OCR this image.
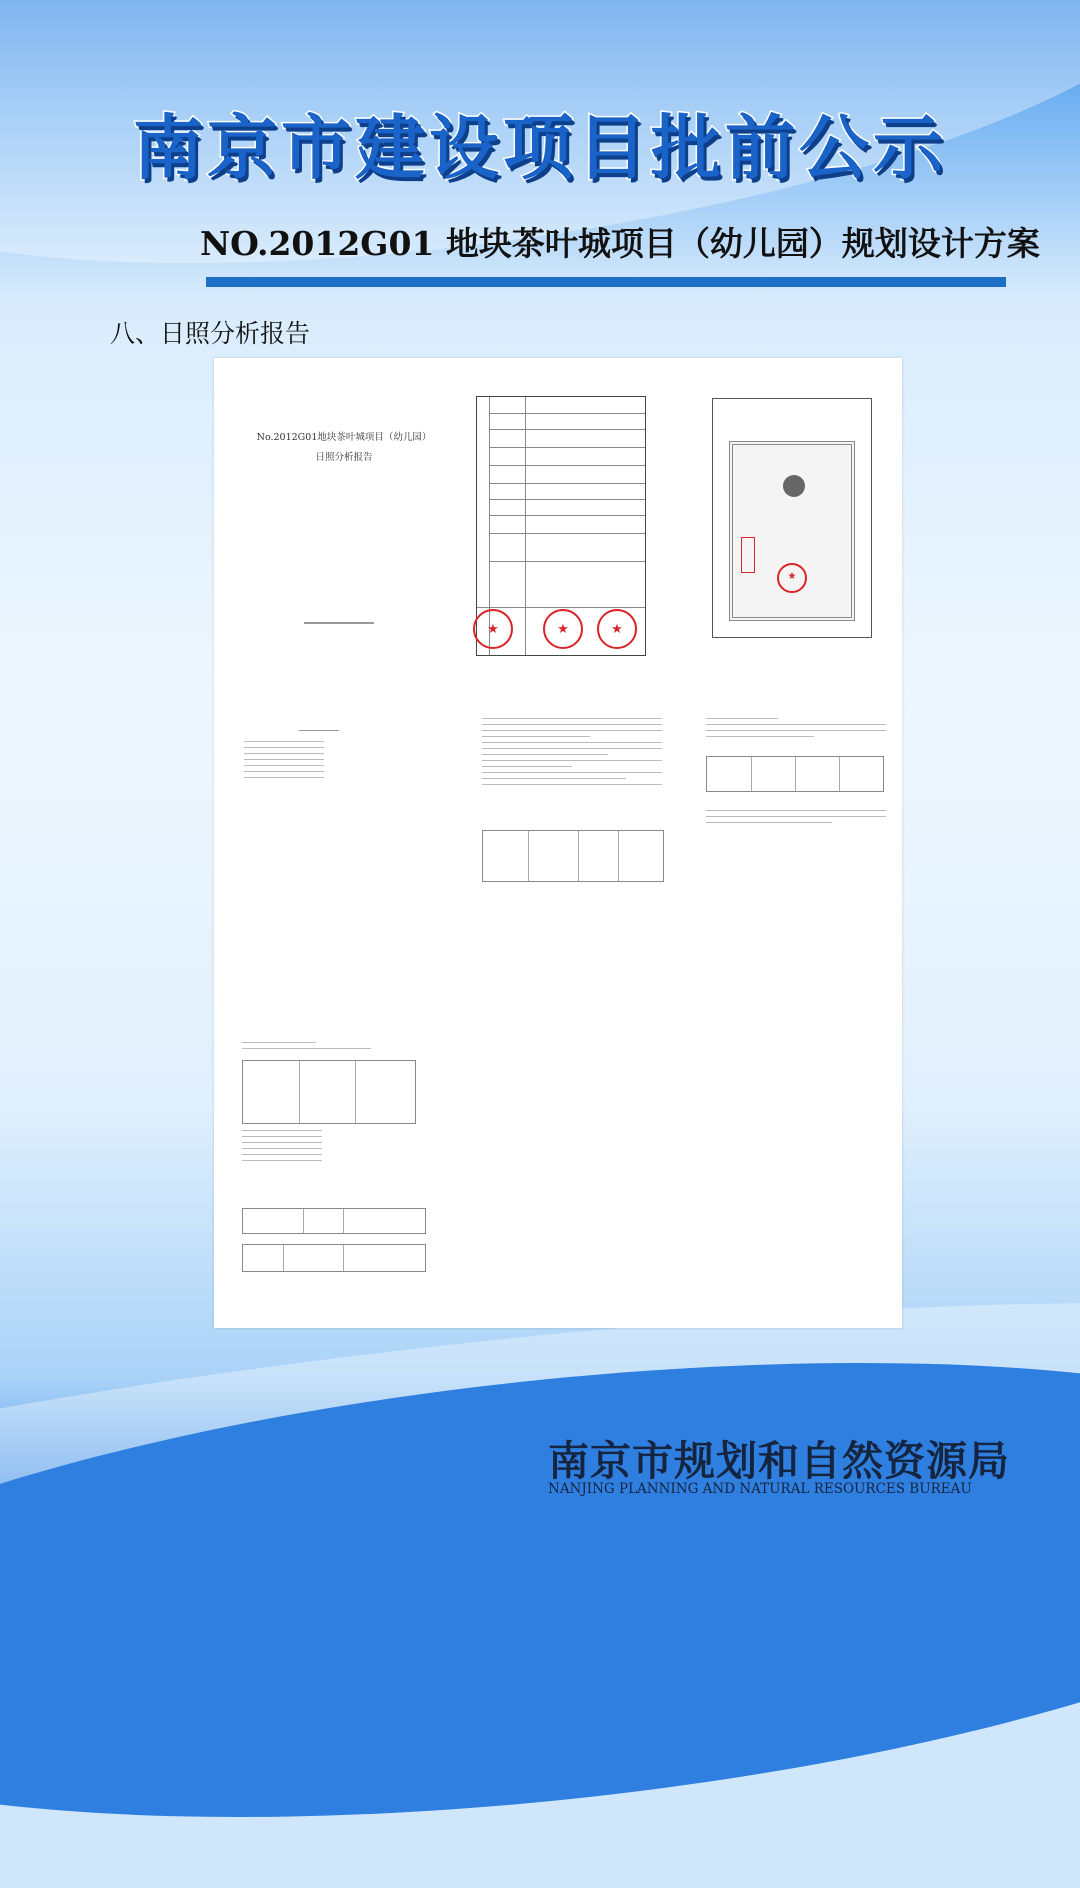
南京市建设项目批前公示
NO.2012G01 地块茶叶城项目（幼儿园）规划设计方案
八、日照分析报告
No.2012G01地块茶叶城项目（幼儿园）
日照分析报告
★	★	★
★
南京市规划和自然资源局
NANJING PLANNING AND NATURAL RESOURCES BUREAU
